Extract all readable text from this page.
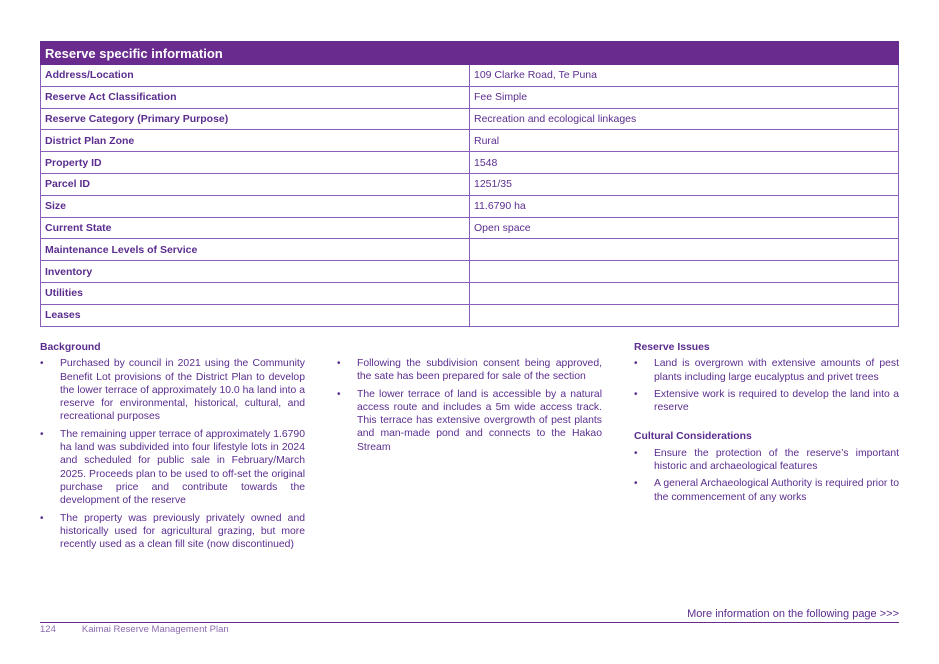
Reserve specific information	
Address/Location	109 Clarke Road, Te Puna
Reserve Act Classification	Fee Simple
Reserve Category (Primary Purpose)	Recreation and ecological linkages
District Plan Zone	Rural
Property ID	1548
Parcel ID	1251/35
Size	11.6790 ha
Current State	Open space
Maintenance Levels of Service	
Inventory	
Utilities	
Leases	
Background
• Purchased by council in 2021 using the Community Benefit Lot provisions of the District Plan to develop the lower terrace of approximately 10.0 ha land into a reserve for environmental, historical, cultural, and recreational purposes
• The remaining upper terrace of approximately 1.6790 ha land was subdivided into four lifestyle lots in 2024 and scheduled for public sale in February/March 2025. Proceeds plan to be used to off-set the original purchase price and contribute towards the development of the reserve
• The property was previously privately owned and historically used for agricultural grazing, but more recently used as a clean fill site (now discontinued)
• Following the subdivision consent being approved, the sate has been prepared for sale of the section
• The lower terrace of land is accessible by a natural access route and includes a 5m wide access track. This terrace has extensive overgrowth of pest plants and man-made pond and connects to the Hakao Stream
Reserve Issues
• Land is overgrown with extensive amounts of pest plants including large eucalyptus and privet trees
• Extensive work is required to develop the land into a reserve
Cultural Considerations
• Ensure the protection of the reserve’s important historic and archaeological features
• A general Archaeological Authority is required prior to the commencement of any works
More information on the following page >>>
124	Kaimai Reserve Management Plan
